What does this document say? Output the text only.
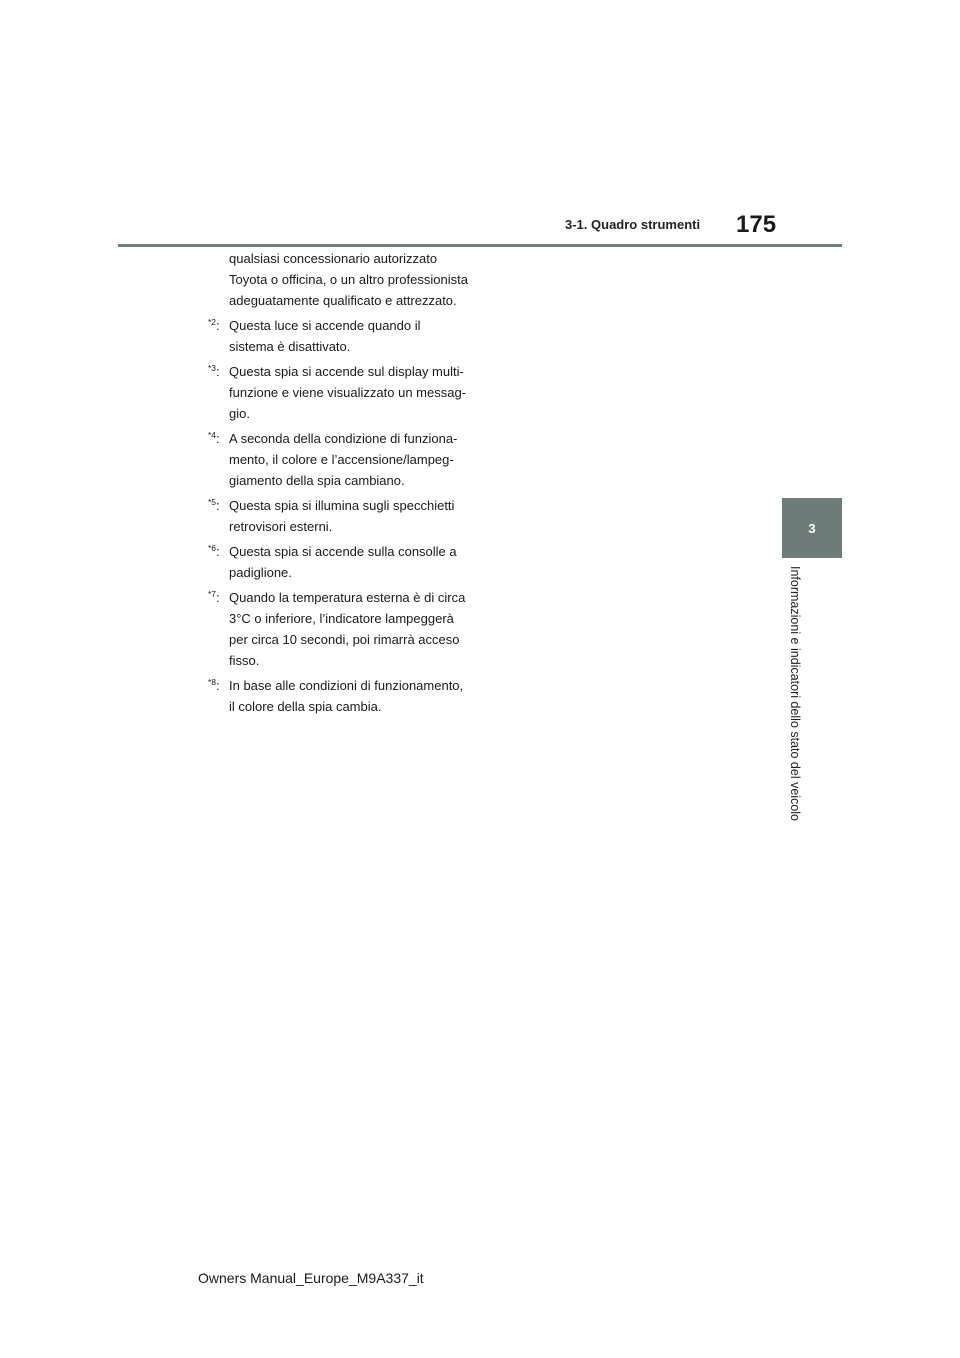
3-1. Quadro strumenti 175
3
Informazioni e indicatori dello stato del veicolo
qualsiasi concessionario autorizzato Toyota o officina, o un altro professionista adeguatamente qualificato e attrezzato.
$^{*2}$: Questa luce si accende quando il sistema è disattivato.
$^{*3}$: Questa spia si accende sul display multi-funzione e viene visualizzato un messag-gio.
$^{*4}$: A seconda della condizione di funziona-mento, il colore e l’accensione/lampeg-giamento della spia cambiano.
$^{*5}$: Questa spia si illumina sugli specchietti retrovisori esterni.
$^{*6}$: Questa spia si accende sulla consolle a padiglione.
$^{*7}$: Quando la temperatura esterna è di circa 3°C o inferiore, l’indicatore lampeggerà per circa 10 secondi, poi rimarrà acceso fisso.
$^{*8}$: In base alle condizioni di funzionamento, il colore della spia cambia.
Owners Manual_Europe_M9A337_it
